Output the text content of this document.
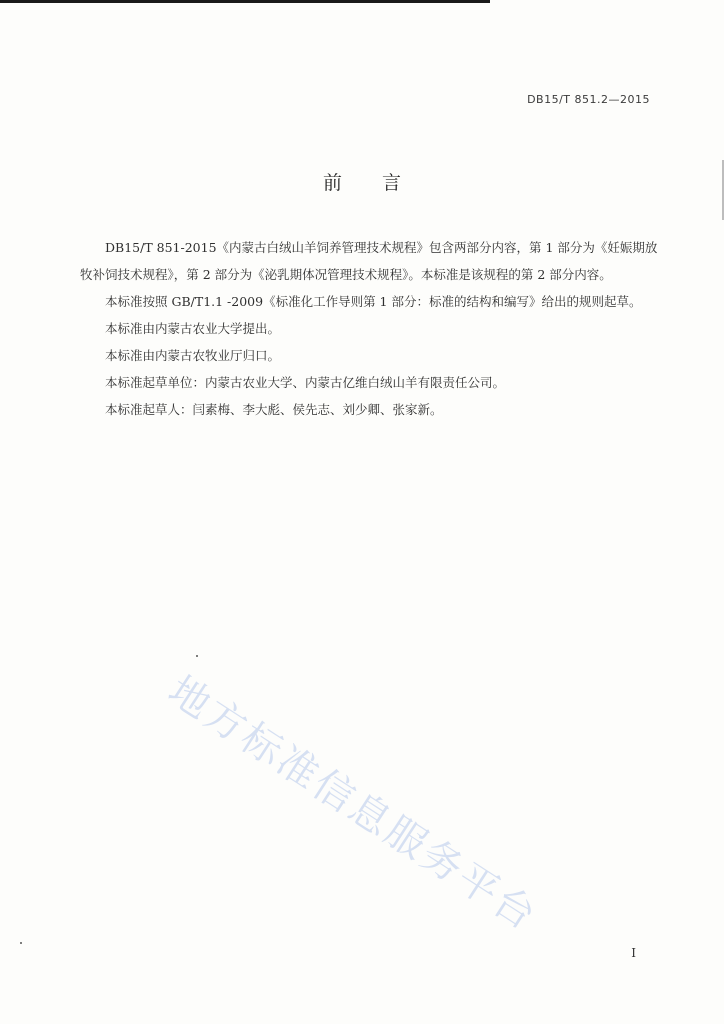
DB15/T 851.2—2015
前言

DB15/T 851-2015《内蒙古白绒山羊饲养管理技术规程》包含两部分内容，第 1 部分为《妊娠期放牧补饲技术规程》，第 2 部分为《泌乳期体况管理技术规程》。本标准是该规程的第 2 部分内容。

本标准按照 GB/T1.1 -2009《标准化工作导则第 1 部分：标准的结构和编写》给出的规则起草。

本标准由内蒙古农业大学提出。

本标准由内蒙古农牧业厅归口。

本标准起草单位：内蒙古农业大学、内蒙古亿维白绒山羊有限责任公司。

本标准起草人：闫素梅、李大彪、侯先志、刘少卿、张家新。

地方标准信息服务平台
I
